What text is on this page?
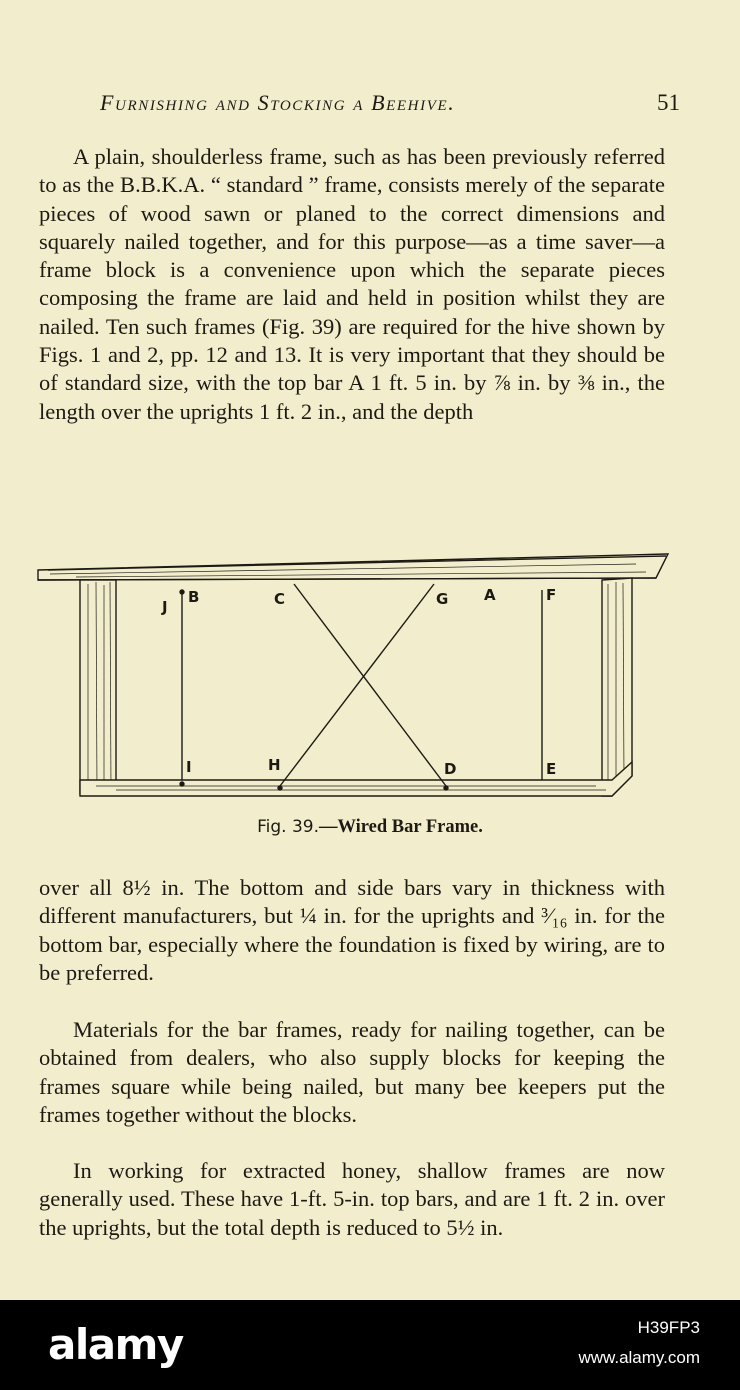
Furnishing and Stocking a Beehive.	51

A plain, shoulderless frame, such as has been previously referred to as the B.B.K.A. “ standard ” frame, consists merely of the separate pieces of wood sawn or planed to the correct dimensions and squarely nailed together, and for this purpose—as a time saver—a frame block is a convenience upon which the separate pieces composing the frame are laid and held in position whilst they are nailed. Ten such frames (Fig. 39) are required for the hive shown by Figs. 1 and 2, pp. 12 and 13. It is very important that they should be of standard size, with the top bar A 1 ft. 5 in. by ⅞ in. by ⅜ in., the length over the uprights 1 ft. 2 in., and the depth

J
B	C	G A	F
I	H	D	E
Fig. 39.—Wired Bar Frame.

over all 8½ in. The bottom and side bars vary in thickness with different manufacturers, but ¼ in. for the uprights and ³⁄₁₆ in. for the bottom bar, especially where the foundation is fixed by wiring, are to be preferred.

Materials for the bar frames, ready for nailing together, can be obtained from dealers, who also supply blocks for keeping the frames square while being nailed, but many bee keepers put the frames together without the blocks.

In working for extracted honey, shallow frames are now generally used. These have 1-ft. 5-in. top bars, and are 1 ft. 2 in. over the uprights, but the total depth is reduced to 5½ in.

alamy	H39FP3
www.alamy.com
